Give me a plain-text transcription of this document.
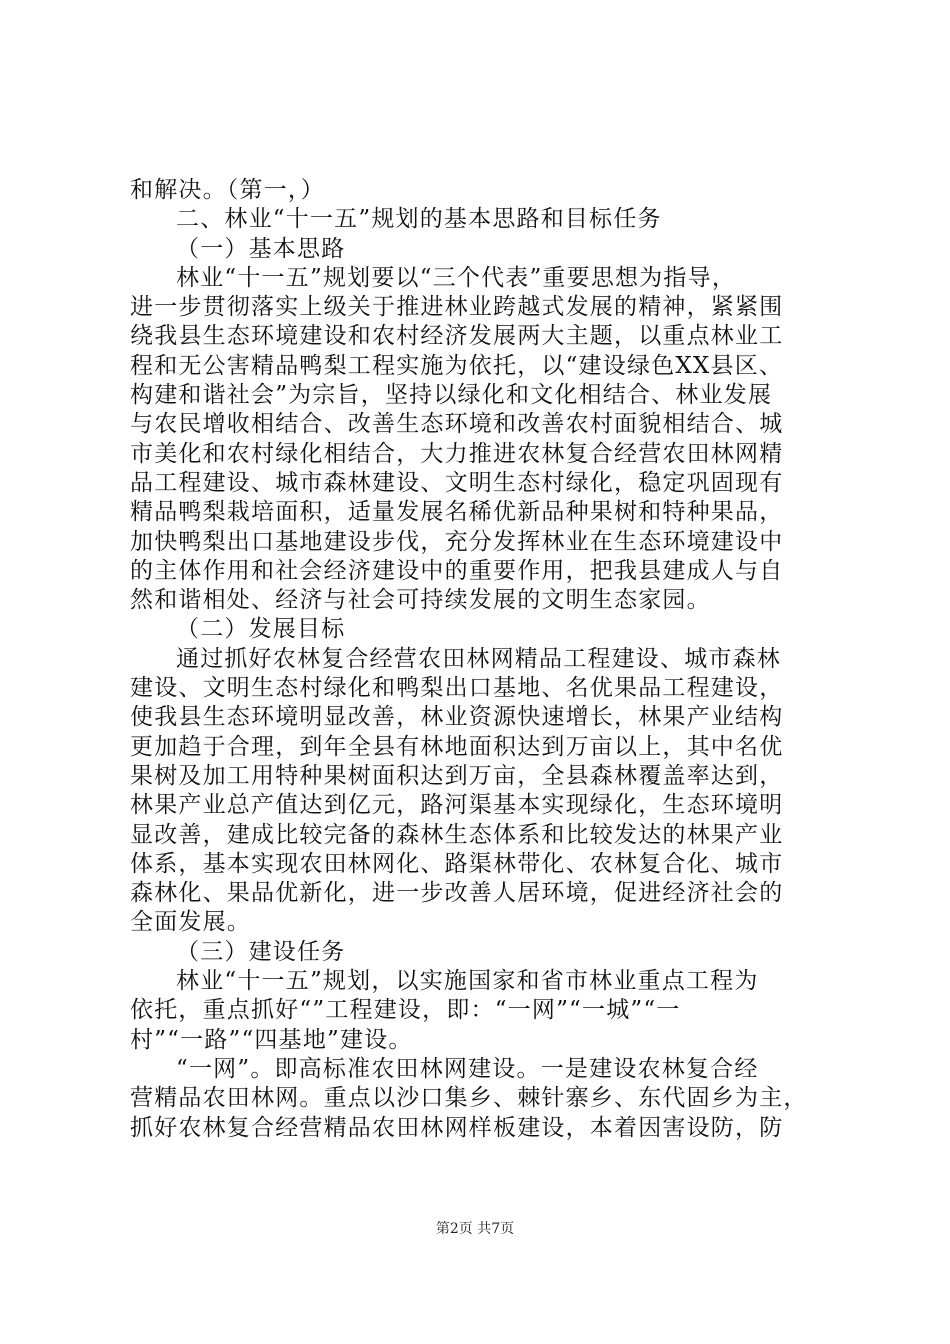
和解决。（第一，）
二、林业“十一五”规划的基本思路和目标任务
（一）基本思路
林业“十一五”规划要以“三个代表”重要思想为指导，
进一步贯彻落实上级关于推进林业跨越式发展的精神，紧紧围
绕我县生态环境建设和农村经济发展两大主题，以重点林业工
程和无公害精品鸭梨工程实施为依托，以“建设绿色XX县区、
构建和谐社会”为宗旨，坚持以绿化和文化相结合、林业发展
与农民增收相结合、改善生态环境和改善农村面貌相结合、城
市美化和农村绿化相结合，大力推进农林复合经营农田林网精
品工程建设、城市森林建设、文明生态村绿化，稳定巩固现有
精品鸭梨栽培面积，适量发展名稀优新品种果树和特种果品，
加快鸭梨出口基地建设步伐，充分发挥林业在生态环境建设中
的主体作用和社会经济建设中的重要作用，把我县建成人与自
然和谐相处、经济与社会可持续发展的文明生态家园。
（二）发展目标
通过抓好农林复合经营农田林网精品工程建设、城市森林
建设、文明生态村绿化和鸭梨出口基地、名优果品工程建设，
使我县生态环境明显改善，林业资源快速增长，林果产业结构
更加趋于合理，到年全县有林地面积达到万亩以上，其中名优
果树及加工用特种果树面积达到万亩，全县森林覆盖率达到，
林果产业总产值达到亿元，路河渠基本实现绿化，生态环境明
显改善，建成比较完备的森林生态体系和比较发达的林果产业
体系，基本实现农田林网化、路渠林带化、农林复合化、城市
森林化、果品优新化，进一步改善人居环境，促进经济社会的
全面发展。
（三）建设任务
林业“十一五”规划，以实施国家和省市林业重点工程为
依托，重点抓好“”工程建设，即：“一网”“一城”“一
村”“一路”“四基地”建设。
“一网”。即高标准农田林网建设。一是建设农林复合经
营精品农田林网。重点以沙口集乡、棘针寨乡、东代固乡为主，
抓好农林复合经营精品农田林网样板建设，本着因害设防，防
第2页 共7页
